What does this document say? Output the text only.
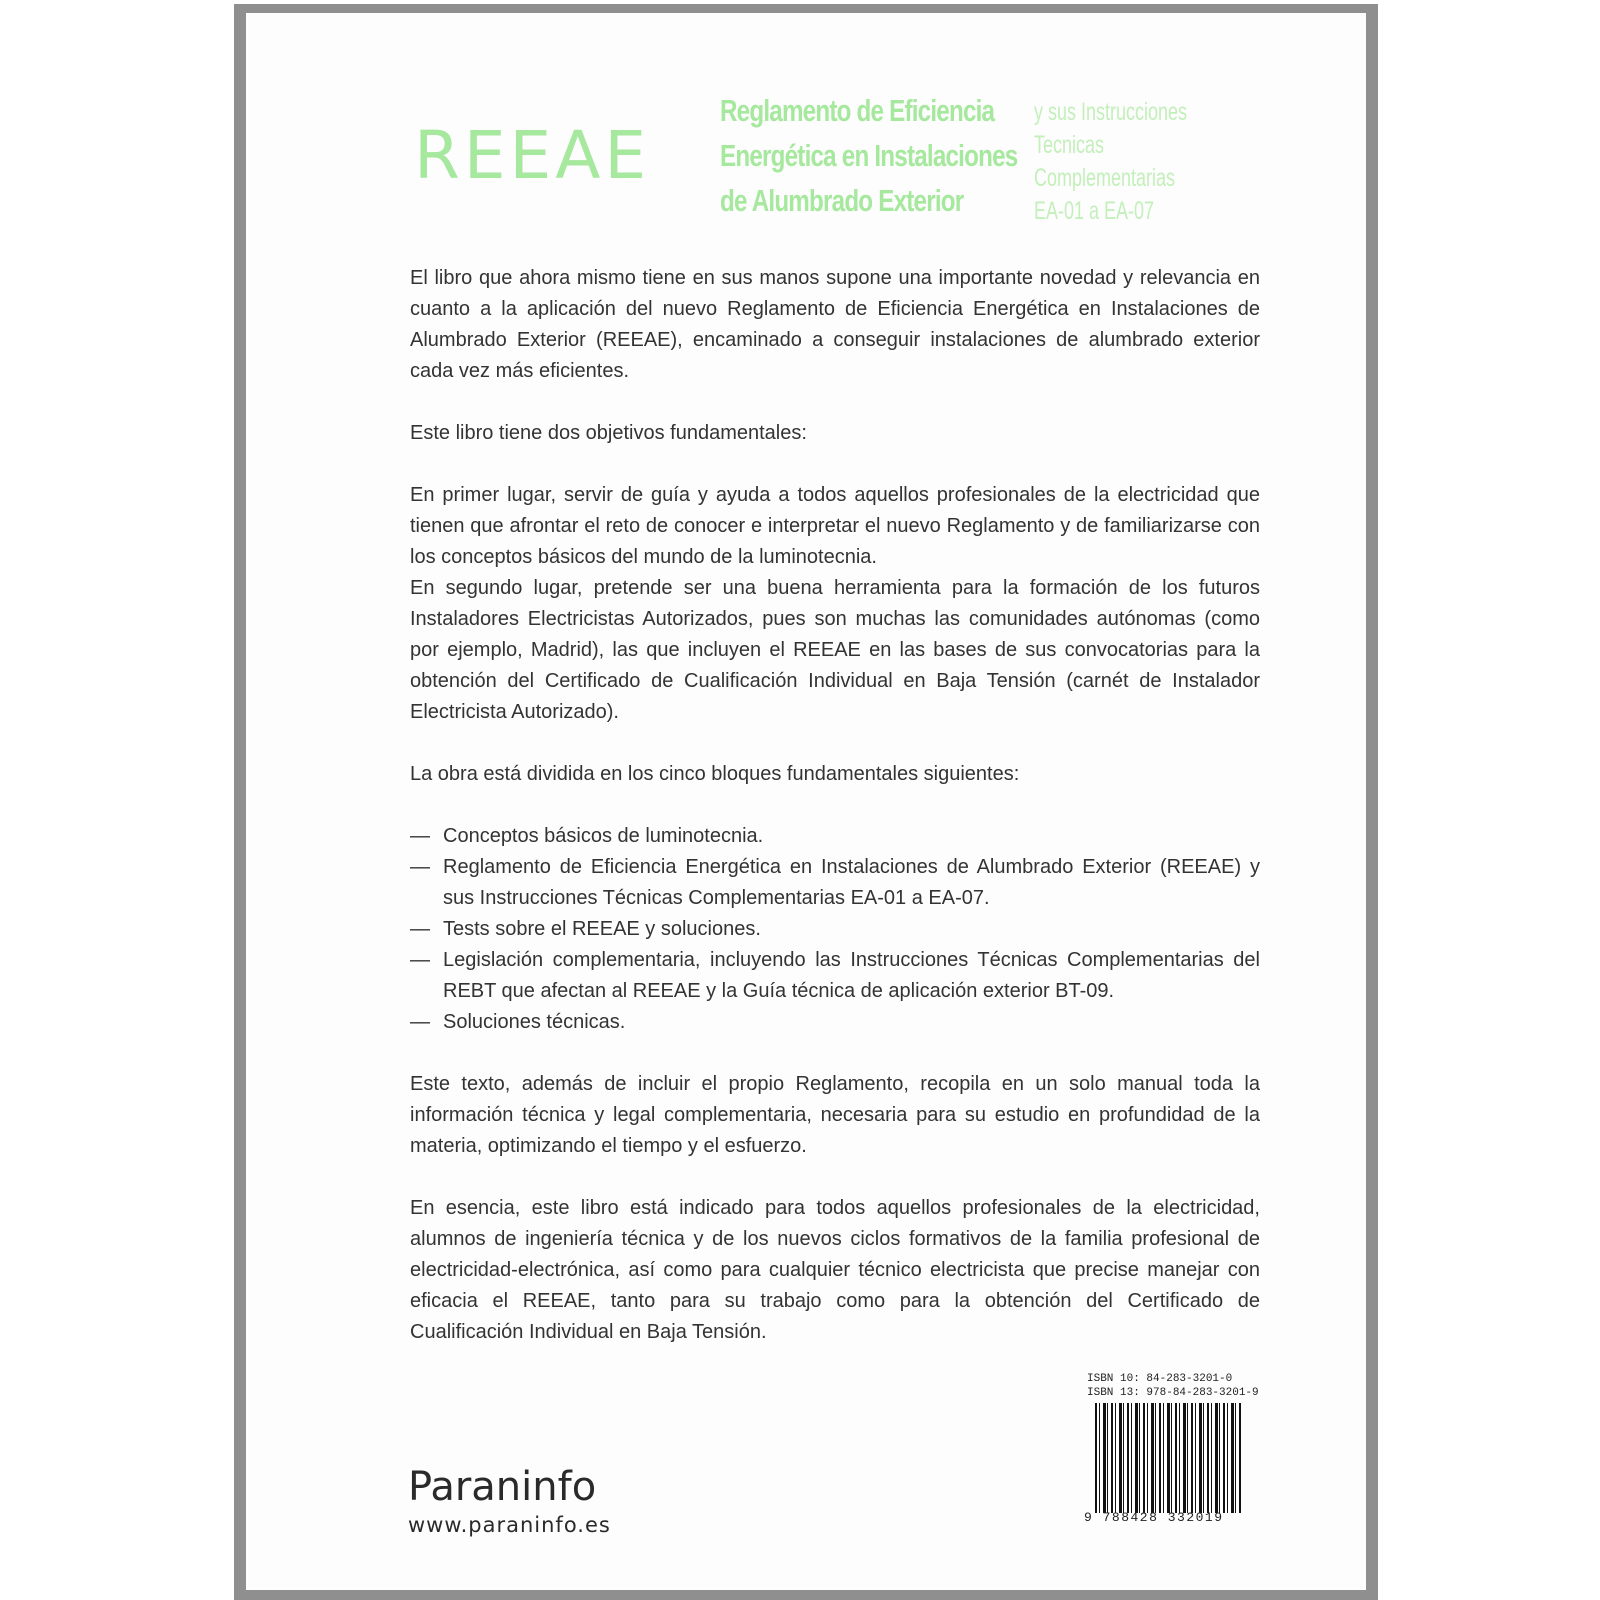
REEAE
Reglamento de Eficiencia
Energética en Instalaciones
de Alumbrado Exterior
y sus Instrucciones
Tecnicas
Complementarias
EA-01 a EA-07

El libro que ahora mismo tiene en sus manos supone una importante novedad y relevancia en cuanto a la aplicación del nuevo Reglamento de Eficiencia Energética en Instalaciones de Alumbrado Exterior (REEAE), encaminado a conseguir instalaciones de alumbrado exterior cada vez más eficientes.

Este libro tiene dos objetivos fundamentales:

En primer lugar, servir de guía y ayuda a todos aquellos profesionales de la electricidad que tienen que afrontar el reto de conocer e interpretar el nuevo Reglamento y de familiarizarse con los conceptos básicos del mundo de la luminotecnia.

En segundo lugar, pretende ser una buena herramienta para la formación de los futuros Instaladores Electricistas Autorizados, pues son muchas las comunidades autónomas (como por ejemplo, Madrid), las que incluyen el REEAE en las bases de sus convocatorias para la obtención del Certificado de Cualificación Individual en Baja Tensión (carnét de Instalador Electricista Autorizado).

La obra está dividida en los cinco bloques fundamentales siguientes:

— Conceptos básicos de luminotecnia.
— Reglamento de Eficiencia Energética en Instalaciones de Alumbrado Exterior (REEAE) y sus Instrucciones Técnicas Complementarias EA-01 a EA-07.
— Tests sobre el REEAE y soluciones.
— Legislación complementaria, incluyendo las Instrucciones Técnicas Complementarias del REBT que afectan al REEAE y la Guía técnica de aplicación exterior BT-09.
— Soluciones técnicas.

Este texto, además de incluir el propio Reglamento, recopila en un solo manual toda la información técnica y legal complementaria, necesaria para su estudio en profundidad de la materia, optimizando el tiempo y el esfuerzo.

En esencia, este libro está indicado para todos aquellos profesionales de la electricidad, alumnos de ingeniería técnica y de los nuevos ciclos formativos de la familia profesional de electricidad-electrónica, así como para cualquier técnico electricista que precise manejar con eficacia el REEAE, tanto para su trabajo como para la obtención del Certificado de Cualificación Individual en Baja Tensión.

ISBN 10: 84-283-3201-0
ISBN 13: 978-84-283-3201-9
9 788428 332019
Paraninfo
www.paraninfo.es
